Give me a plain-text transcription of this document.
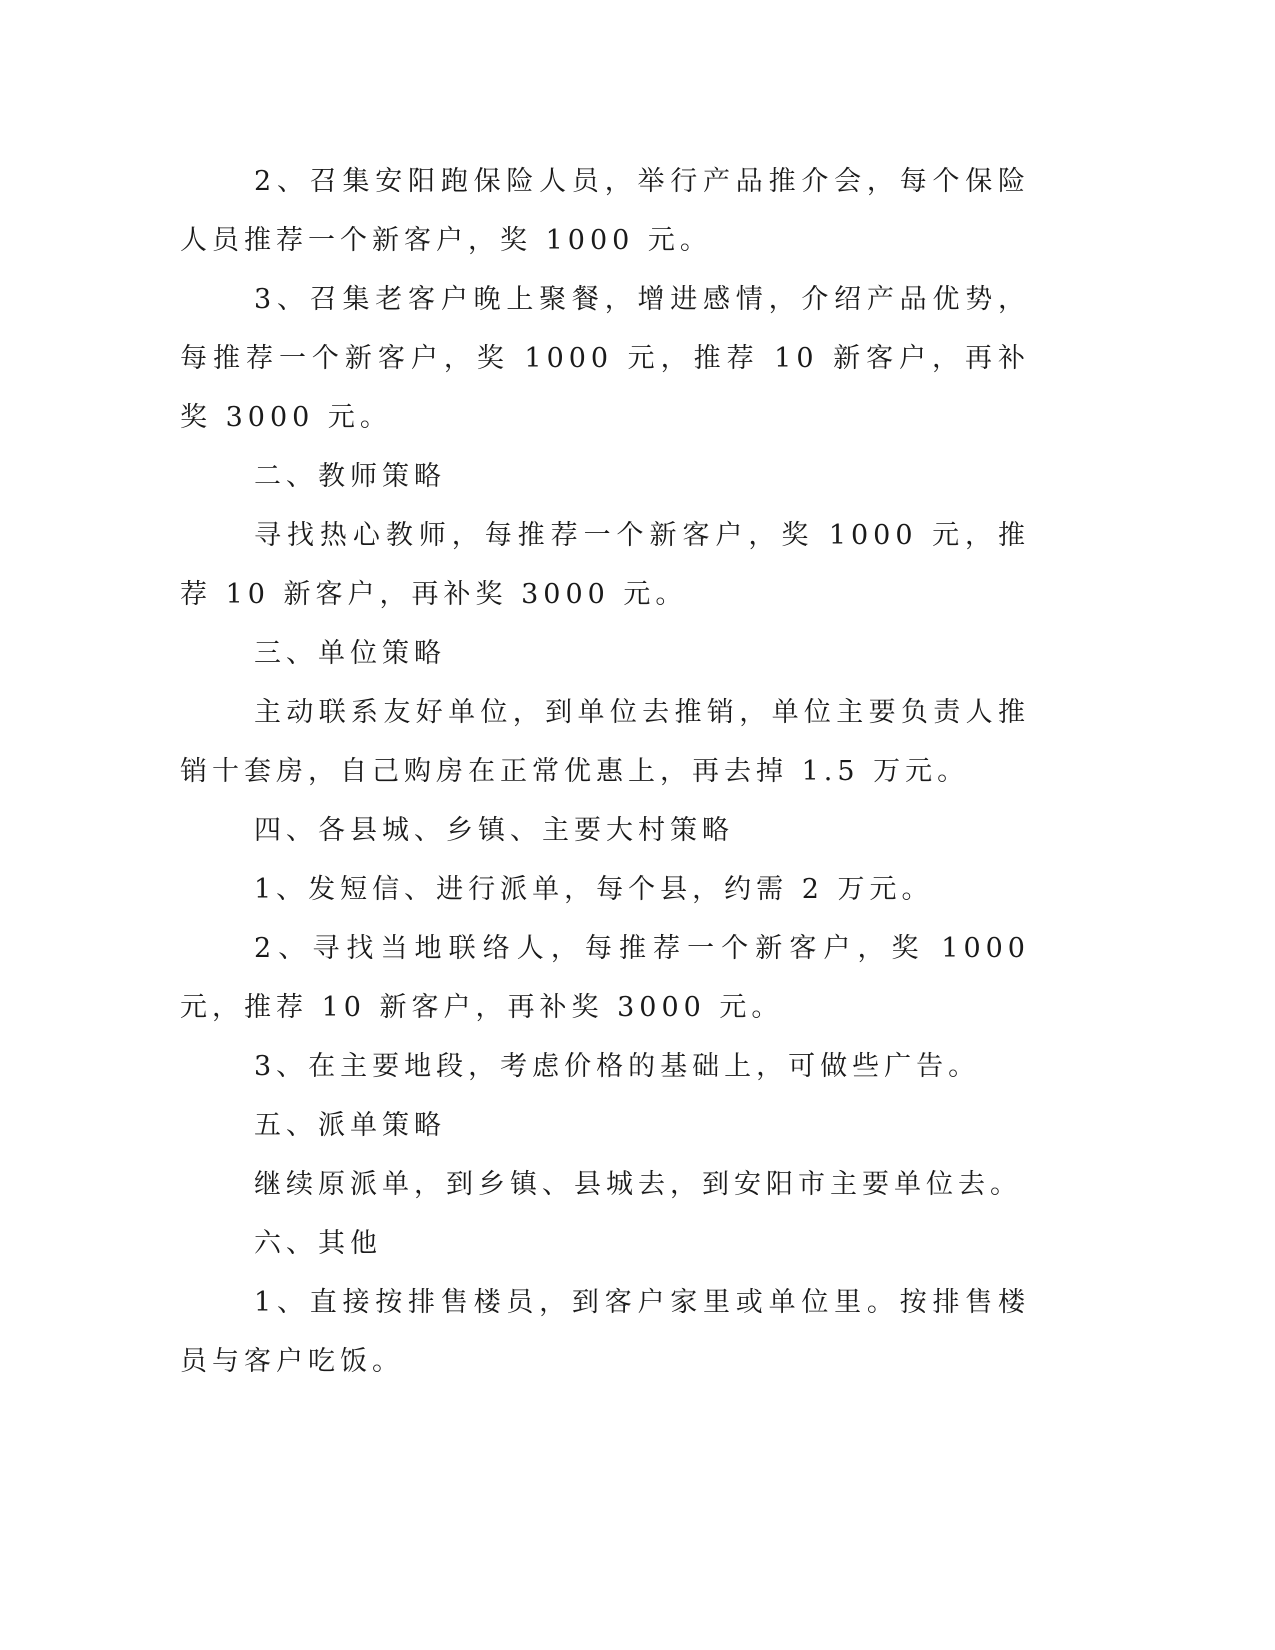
2、召集安阳跑保险人员，举行产品推介会，每个保险人员推荐一个新客户，奖 1000 元。

3、召集老客户晚上聚餐，增进感情，介绍产品优势，每推荐一个新客户，奖 1000 元，推荐 10 新客户，再补奖 3000 元。

二、教师策略

寻找热心教师，每推荐一个新客户，奖 1000 元，推荐 10 新客户，再补奖 3000 元。

三、单位策略

主动联系友好单位，到单位去推销，单位主要负责人推销十套房，自己购房在正常优惠上，再去掉 1.5 万元。

四、各县城、乡镇、主要大村策略

1、发短信、进行派单，每个县，约需 2 万元。

2、寻找当地联络人，每推荐一个新客户，奖 1000 元，推荐 10 新客户，再补奖 3000 元。

3、在主要地段，考虑价格的基础上，可做些广告。

五、派单策略

继续原派单，到乡镇、县城去，到安阳市主要单位去。

六、其他

1、直接按排售楼员，到客户家里或单位里。按排售楼员与客户吃饭。
